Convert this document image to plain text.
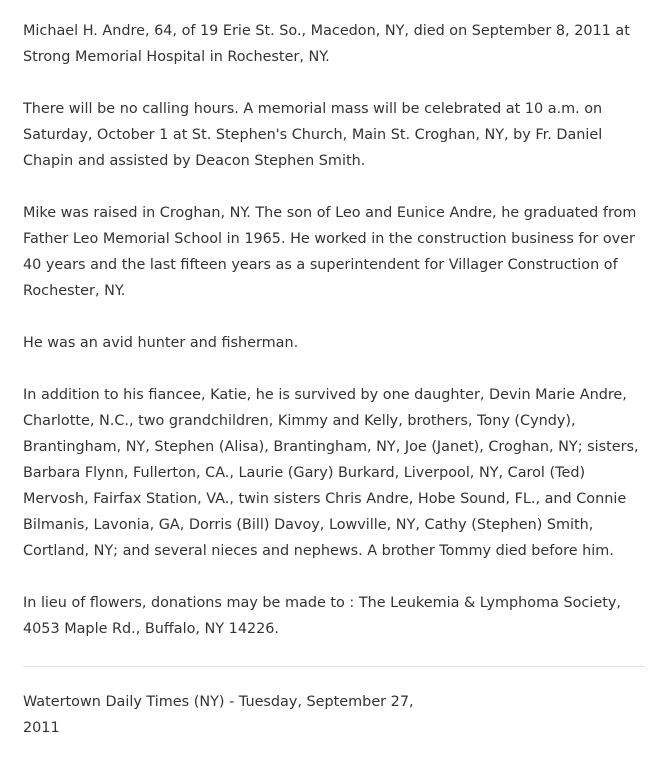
Michael H. Andre, 64, of 19 Erie St. So., Macedon, NY, died on September 8, 2011 at
Strong Memorial Hospital in Rochester, NY.

There will be no calling hours. A memorial mass will be celebrated at 10 a.m. on
Saturday, October 1 at St. Stephen's Church, Main St. Croghan, NY, by Fr. Daniel
Chapin and assisted by Deacon Stephen Smith.

Mike was raised in Croghan, NY. The son of Leo and Eunice Andre, he graduated from
Father Leo Memorial School in 1965. He worked in the construction business for over
40 years and the last fifteen years as a superintendent for Villager Construction of
Rochester, NY.

He was an avid hunter and fisherman.

In addition to his fiancee, Katie, he is survived by one daughter, Devin Marie Andre,
Charlotte, N.C., two grandchildren, Kimmy and Kelly, brothers, Tony (Cyndy),
Brantingham, NY, Stephen (Alisa), Brantingham, NY, Joe (Janet), Croghan, NY; sisters,
Barbara Flynn, Fullerton, CA., Laurie (Gary) Burkard, Liverpool, NY, Carol (Ted)
Mervosh, Fairfax Station, VA., twin sisters Chris Andre, Hobe Sound, FL., and Connie
Bilmanis, Lavonia, GA, Dorris (Bill) Davoy, Lowville, NY, Cathy (Stephen) Smith,
Cortland, NY; and several nieces and nephews. A brother Tommy died before him.

In lieu of flowers, donations may be made to : The Leukemia & Lymphoma Society,
4053 Maple Rd., Buffalo, NY 14226.

Watertown Daily Times (NY) - Tuesday, September 27,
2011
